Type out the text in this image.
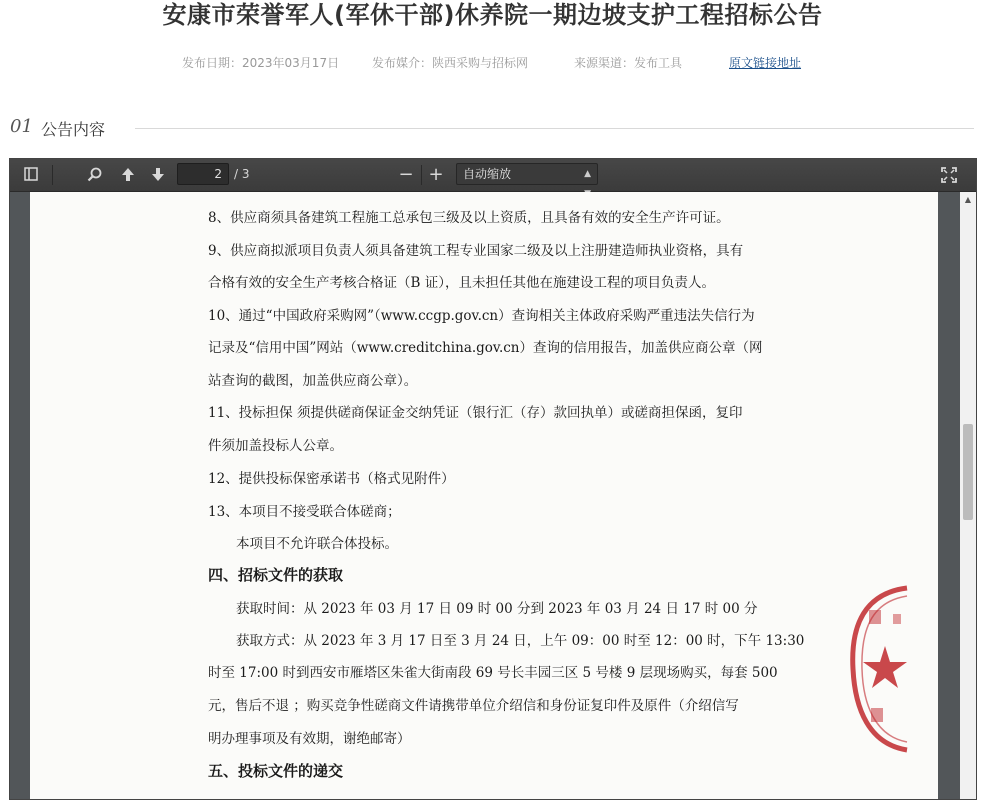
安康市荣誉军人(军休干部)休养院一期边坡支护工程招标公告
发布日期：2023年03月17日	发布媒介：陕西采购与招标网	来源渠道：发布工具	原文链接地址
01 公告内容
2	/ 3	− +	自动缩放	▲

8、供应商须具备建筑工程施工总承包三级及以上资质，且具备有效的安全生产许可证。
9、供应商拟派项目负责人须具备建筑工程专业国家二级及以上注册建造师执业资格，具有
合格有效的安全生产考核合格证（B 证），且未担任其他在施建设工程的项目负责人。
10、通过“中国政府采购网”（www.ccgp.gov.cn）查询相关主体政府采购严重违法失信行为
记录及“信用中国”网站（www.creditchina.gov.cn）查询的信用报告，加盖供应商公章（网
站查询的截图，加盖供应商公章）。
11、投标担保 须提供磋商保证金交纳凭证（银行汇（存）款回执单）或磋商担保函，复印
件须加盖投标人公章。
12、提供投标保密承诺书（格式见附件）
13、本项目不接受联合体磋商；
本项目不允许联合体投标。
四、招标文件的获取
获取时间：从 2023 年 03 月 17 日 09 时 00 分到 2023 年 03 月 24 日 17 时 00 分
获取方式：从 2023 年 3 月 17 日至 3 月 24 日，上午 09：00 时至 12：00 时，下午 13:30
时至 17:00 时到西安市雁塔区朱雀大街南段 69 号长丰园三区 5 号楼 9 层现场购买，每套 500
元，售后不退 ；购买竞争性磋商文件请携带单位介绍信和身份证复印件及原件（介绍信写
明办理事项及有效期，谢绝邮寄）
五、投标文件的递交
▲
